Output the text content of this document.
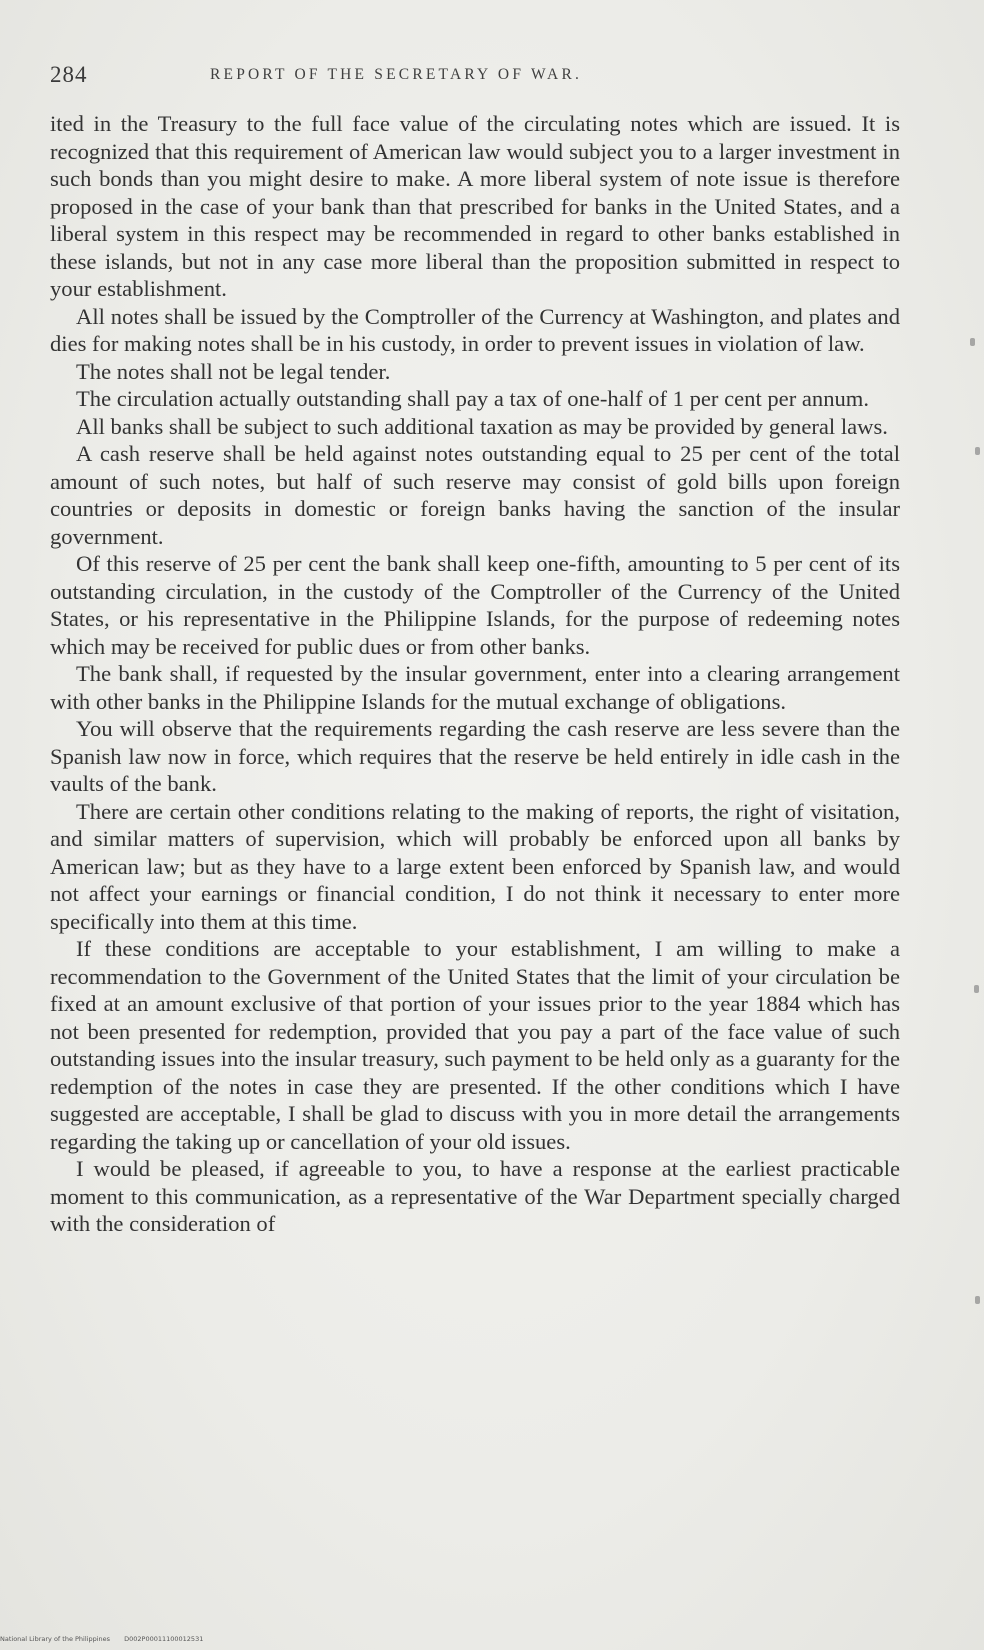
284	REPORT OF THE SECRETARY OF WAR.

ited in the Treasury to the full face value of the circulating notes which are issued. It is recognized that this requirement of American law would subject you to a larger investment in such bonds than you might desire to make. A more liberal system of note issue is therefore proposed in the case of your bank than that prescribed for banks in the United States, and a liberal system in this respect may be recommended in regard to other banks established in these islands, but not in any case more liberal than the proposition submitted in respect to your establishment.

All notes shall be issued by the Comptroller of the Currency at Washington, and plates and dies for making notes shall be in his custody, in order to prevent issues in violation of law.

The notes shall not be legal tender.

The circulation actually outstanding shall pay a tax of one-half of 1 per cent per annum.

All banks shall be subject to such additional taxation as may be provided by general laws.

A cash reserve shall be held against notes outstanding equal to 25 per cent of the total amount of such notes, but half of such reserve may consist of gold bills upon foreign countries or deposits in domestic or foreign banks having the sanction of the insular government.

Of this reserve of 25 per cent the bank shall keep one-fifth, amounting to 5 per cent of its outstanding circulation, in the custody of the Comptroller of the Currency of the United States, or his representative in the Philippine Islands, for the purpose of redeeming notes which may be received for public dues or from other banks.

The bank shall, if requested by the insular government, enter into a clearing arrangement with other banks in the Philippine Islands for the mutual exchange of obligations.

You will observe that the requirements regarding the cash reserve are less severe than the Spanish law now in force, which requires that the reserve be held entirely in idle cash in the vaults of the bank.

There are certain other conditions relating to the making of reports, the right of visitation, and similar matters of supervision, which will probably be enforced upon all banks by American law; but as they have to a large extent been enforced by Spanish law, and would not affect your earnings or financial condition, I do not think it necessary to enter more specifically into them at this time.

If these conditions are acceptable to your establishment, I am willing to make a recommendation to the Government of the United States that the limit of your circulation be fixed at an amount exclusive of that portion of your issues prior to the year 1884 which has not been presented for redemption, provided that you pay a part of the face value of such outstanding issues into the insular treasury, such payment to be held only as a guaranty for the redemption of the notes in case they are presented. If the other conditions which I have suggested are acceptable, I shall be glad to discuss with you in more detail the arrangements regarding the taking up or cancellation of your old issues.

I would be pleased, if agreeable to you, to have a response at the earliest practicable moment to this communication, as a representative of the War Department specially charged with the consideration of

National Library of the Philippines D002P00011100012531
